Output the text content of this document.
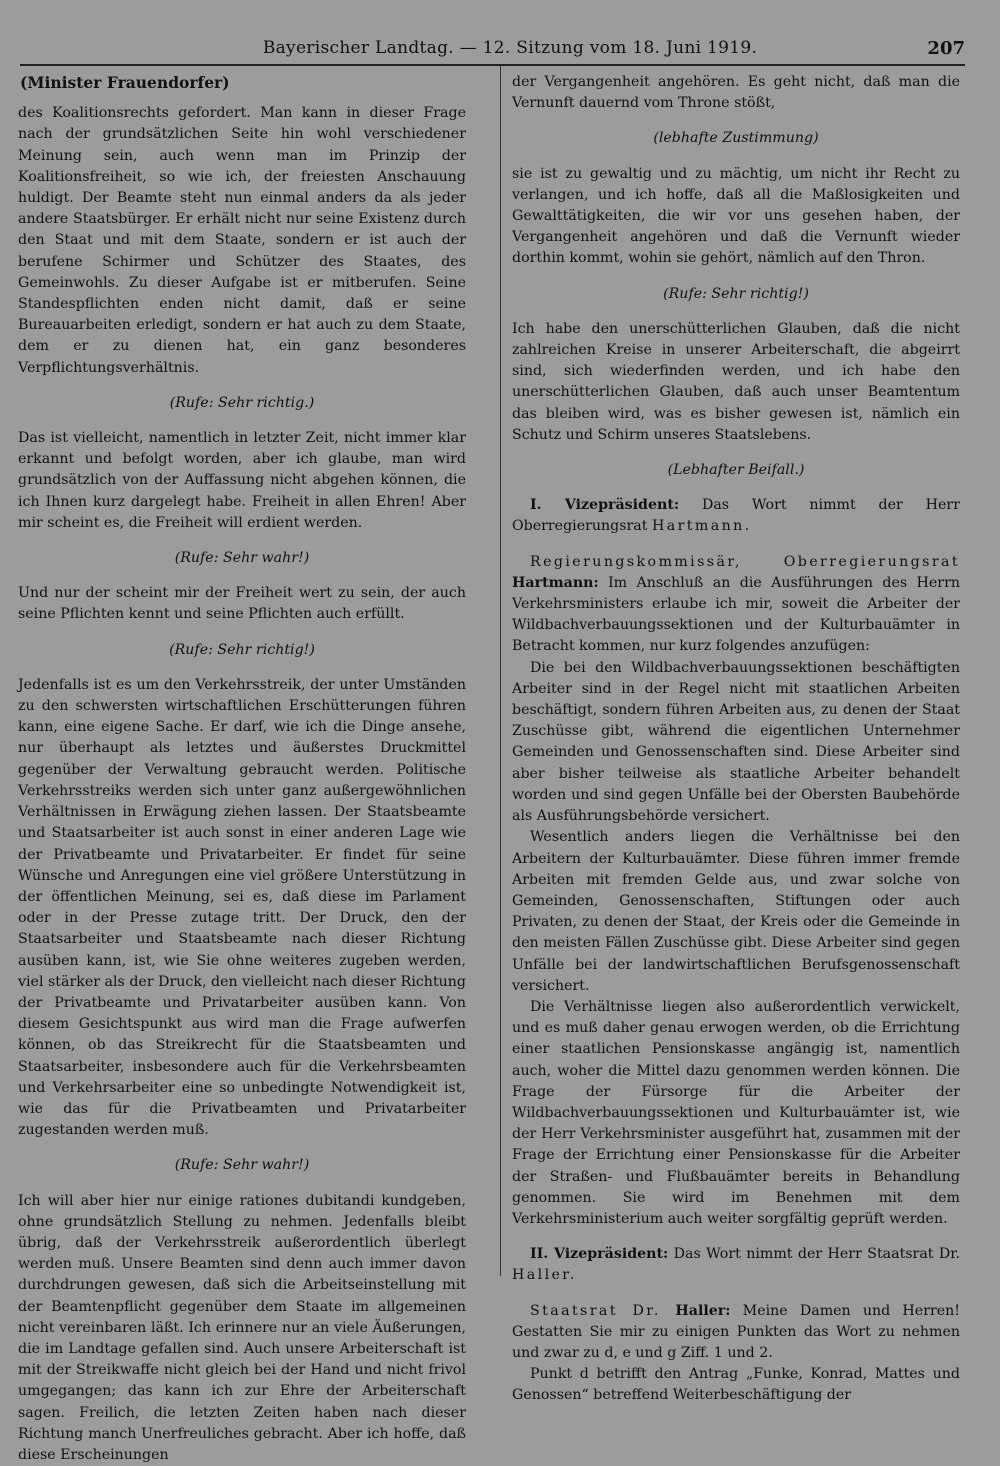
Bayerischer Landtag. — 12. Sitzung vom 18. Juni 1919.	207
(Minister Frauendorfer)

des Koalitionsrechts gefordert. Man kann in dieser Frage nach der grundsätzlichen Seite hin wohl verschiedener Meinung sein, auch wenn man im Prinzip der Koalitionsfreiheit, so wie ich, der freiesten Anschauung huldigt. Der Beamte steht nun einmal anders da als jeder andere Staatsbürger. Er erhält nicht nur seine Existenz durch den Staat und mit dem Staate, sondern er ist auch der berufene Schirmer und Schützer des Staates, des Gemeinwohls. Zu dieser Aufgabe ist er mitberufen. Seine Standespflichten enden nicht damit, daß er seine Bureauarbeiten erledigt, sondern er hat auch zu dem Staate, dem er zu dienen hat, ein ganz besonderes Verpflichtungsverhältnis.

(Rufe: Sehr richtig.)

Das ist vielleicht, namentlich in letzter Zeit, nicht immer klar erkannt und befolgt worden, aber ich glaube, man wird grundsätzlich von der Auffassung nicht abgehen können, die ich Ihnen kurz dargelegt habe. Freiheit in allen Ehren! Aber mir scheint es, die Freiheit will erdient werden.

(Rufe: Sehr wahr!)

Und nur der scheint mir der Freiheit wert zu sein, der auch seine Pflichten kennt und seine Pflichten auch erfüllt.

(Rufe: Sehr richtig!)

Jedenfalls ist es um den Verkehrsstreik, der unter Umständen zu den schwersten wirtschaftlichen Erschütterungen führen kann, eine eigene Sache. Er darf, wie ich die Dinge ansehe, nur überhaupt als letztes und äußerstes Druckmittel gegenüber der Verwaltung gebraucht werden. Politische Verkehrsstreiks werden sich unter ganz außergewöhnlichen Verhältnissen in Erwägung ziehen lassen. Der Staatsbeamte und Staatsarbeiter ist auch sonst in einer anderen Lage wie der Privatbeamte und Privatarbeiter. Er findet für seine Wünsche und Anregungen eine viel größere Unterstützung in der öffentlichen Meinung, sei es, daß diese im Parlament oder in der Presse zutage tritt. Der Druck, den der Staatsarbeiter und Staatsbeamte nach dieser Richtung ausüben kann, ist, wie Sie ohne weiteres zugeben werden, viel stärker als der Druck, den vielleicht nach dieser Richtung der Privatbeamte und Privatarbeiter ausüben kann. Von diesem Gesichtspunkt aus wird man die Frage aufwerfen können, ob das Streikrecht für die Staatsbeamten und Staatsarbeiter, insbesondere auch für die Verkehrsbeamten und Verkehrsarbeiter eine so unbedingte Notwendigkeit ist, wie das für die Privatbeamten und Privatarbeiter zugestanden werden muß.

(Rufe: Sehr wahr!)

Ich will aber hier nur einige rationes dubitandi kundgeben, ohne grundsätzlich Stellung zu nehmen. Jedenfalls bleibt übrig, daß der Verkehrsstreik außerordentlich überlegt werden muß. Unsere Beamten sind denn auch immer davon durchdrungen gewesen, daß sich die Arbeitseinstellung mit der Beamtenpflicht gegenüber dem Staate im allgemeinen nicht vereinbaren läßt. Ich erinnere nur an viele Äußerungen, die im Landtage gefallen sind. Auch unsere Arbeiterschaft ist mit der Streikwaffe nicht gleich bei der Hand und nicht frivol umgegangen; das kann ich zur Ehre der Arbeiterschaft sagen. Freilich, die letzten Zeiten haben nach dieser Richtung manch Unerfreuliches gebracht. Aber ich hoffe, daß diese Erscheinungen

der Vergangenheit angehören. Es geht nicht, daß man die Vernunft dauernd vom Throne stößt,

(lebhafte Zustimmung)

sie ist zu gewaltig und zu mächtig, um nicht ihr Recht zu verlangen, und ich hoffe, daß all die Maßlosigkeiten und Gewalttätigkeiten, die wir vor uns gesehen haben, der Vergangenheit angehören und daß die Vernunft wieder dorthin kommt, wohin sie gehört, nämlich auf den Thron.

(Rufe: Sehr richtig!)

Ich habe den unerschütterlichen Glauben, daß die nicht zahlreichen Kreise in unserer Arbeiterschaft, die abgeirrt sind, sich wiederfinden werden, und ich habe den unerschütterlichen Glauben, daß auch unser Beamtentum das bleiben wird, was es bisher gewesen ist, nämlich ein Schutz und Schirm unseres Staatslebens.

(Lebhafter Beifall.)

I. Vizepräsident: Das Wort nimmt der Herr Oberregierungsrat Hartmann.

Regierungskommissär, Oberregierungsrat Hartmann: Im Anschluß an die Ausführungen des Herrn Verkehrsministers erlaube ich mir, soweit die Arbeiter der Wildbachverbauungssektionen und der Kulturbauämter in Betracht kommen, nur kurz folgendes anzufügen:

Die bei den Wildbachverbauungssektionen beschäftigten Arbeiter sind in der Regel nicht mit staatlichen Arbeiten beschäftigt, sondern führen Arbeiten aus, zu denen der Staat Zuschüsse gibt, während die eigentlichen Unternehmer Gemeinden und Genossenschaften sind. Diese Arbeiter sind aber bisher teilweise als staatliche Arbeiter behandelt worden und sind gegen Unfälle bei der Obersten Baubehörde als Ausführungsbehörde versichert.

Wesentlich anders liegen die Verhältnisse bei den Arbeitern der Kulturbauämter. Diese führen immer fremde Arbeiten mit fremden Gelde aus, und zwar solche von Gemeinden, Genossenschaften, Stiftungen oder auch Privaten, zu denen der Staat, der Kreis oder die Gemeinde in den meisten Fällen Zuschüsse gibt. Diese Arbeiter sind gegen Unfälle bei der landwirtschaftlichen Berufsgenossenschaft versichert.

Die Verhältnisse liegen also außerordentlich verwickelt, und es muß daher genau erwogen werden, ob die Errichtung einer staatlichen Pensionskasse angängig ist, namentlich auch, woher die Mittel dazu genommen werden können. Die Frage der Fürsorge für die Arbeiter der Wildbachverbauungssektionen und Kulturbauämter ist, wie der Herr Verkehrsminister ausgeführt hat, zusammen mit der Frage der Errichtung einer Pensionskasse für die Arbeiter der Straßen- und Flußbauämter bereits in Behandlung genommen. Sie wird im Benehmen mit dem Verkehrsministerium auch weiter sorgfältig geprüft werden.

II. Vizepräsident: Das Wort nimmt der Herr Staatsrat Dr. Haller.

Staatsrat Dr. Haller: Meine Damen und Herren! Gestatten Sie mir zu einigen Punkten das Wort zu nehmen und zwar zu d, e und g Ziff. 1 und 2.

Punkt d betrifft den Antrag „Funke, Konrad, Mattes und Genossen“ betreffend Weiterbeschäftigung der
